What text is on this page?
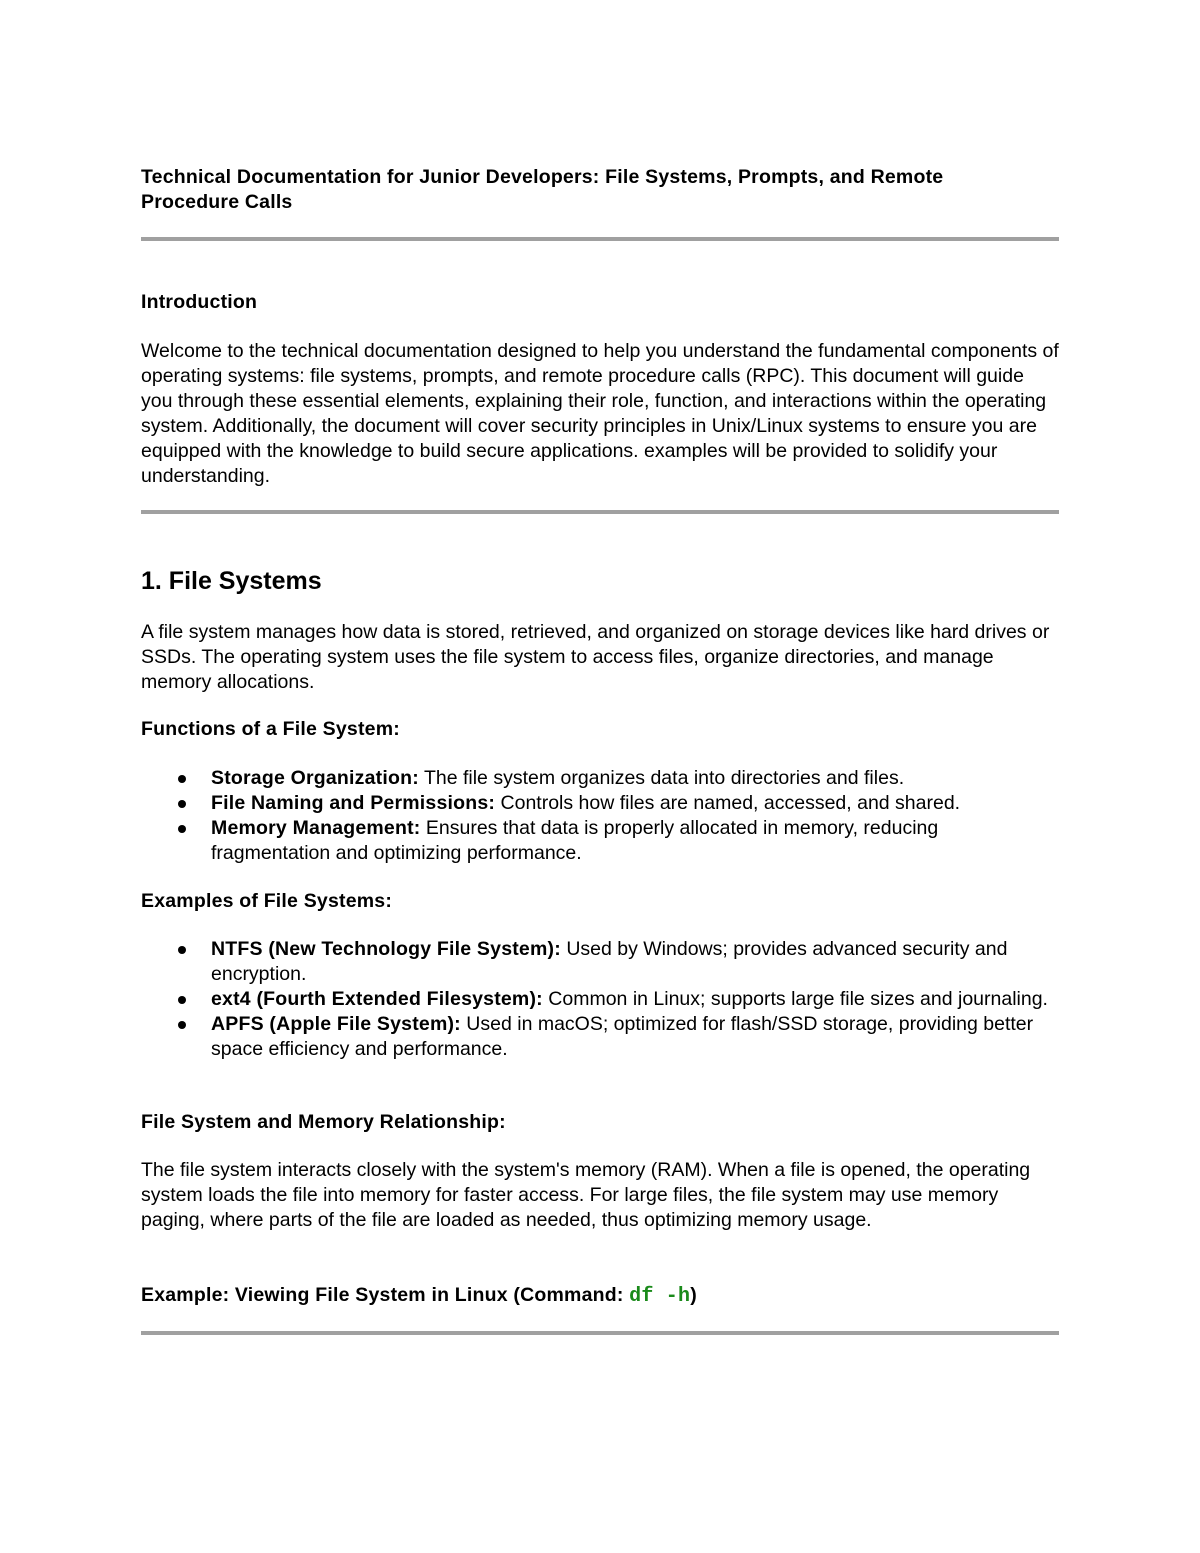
Technical Documentation for Junior Developers: File Systems, Prompts, and Remote Procedure Calls
Introduction
Welcome to the technical documentation designed to help you understand the fundamental components of operating systems: file systems, prompts, and remote procedure calls (RPC). This document will guide you through these essential elements, explaining their role, function, and interactions within the operating system. Additionally, the document will cover security principles in Unix/Linux systems to ensure you are equipped with the knowledge to build secure applications. examples will be provided to solidify your understanding.
1. File Systems
A file system manages how data is stored, retrieved, and organized on storage devices like hard drives or SSDs. The operating system uses the file system to access files, organize directories, and manage memory allocations.
Functions of a File System:
Storage Organization: The file system organizes data into directories and files.
File Naming and Permissions: Controls how files are named, accessed, and shared.
Memory Management: Ensures that data is properly allocated in memory, reducing fragmentation and optimizing performance.
Examples of File Systems:
NTFS (New Technology File System): Used by Windows; provides advanced security and encryption.
ext4 (Fourth Extended Filesystem): Common in Linux; supports large file sizes and journaling.
APFS (Apple File System): Used in macOS; optimized for flash/SSD storage, providing better space efficiency and performance.
File System and Memory Relationship:
The file system interacts closely with the system's memory (RAM). When a file is opened, the operating system loads the file into memory for faster access. For large files, the file system may use memory paging, where parts of the file are loaded as needed, thus optimizing memory usage.
Example: Viewing File System in Linux (Command: df -h)
